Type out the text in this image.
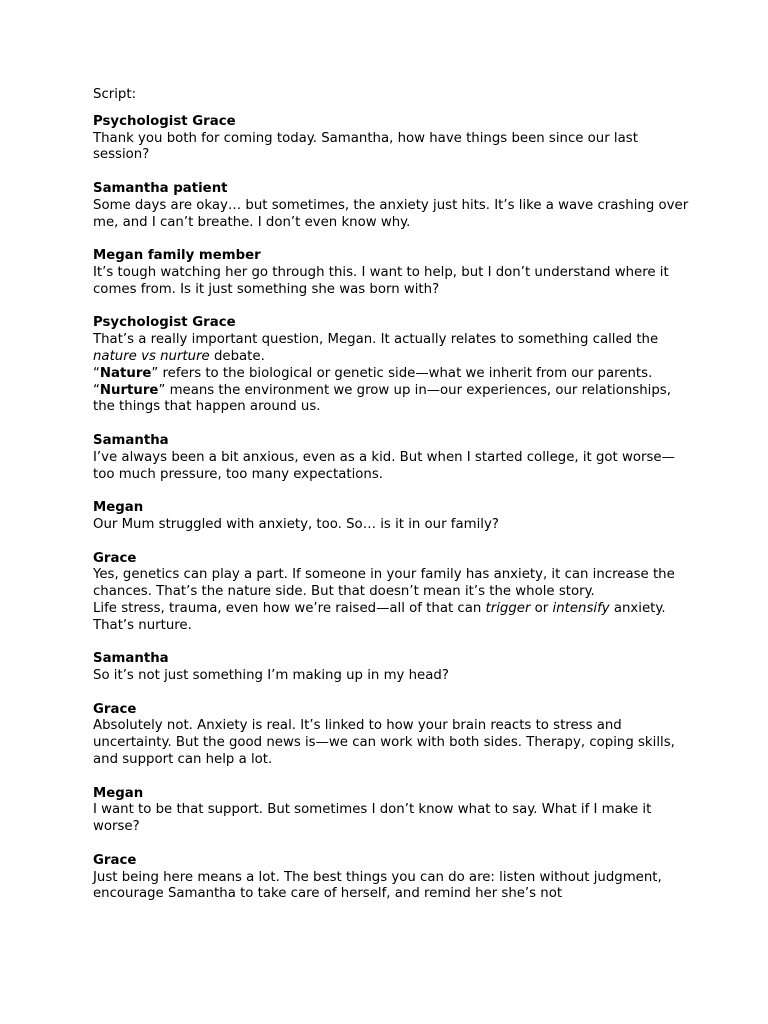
Script:

Psychologist Grace

Thank you both for coming today. Samantha, how have things been since our last session?

Samantha patient

Some days are okay… but sometimes, the anxiety just hits. It’s like a wave crashing over me, and I can’t breathe. I don’t even know why.

Megan family member

It’s tough watching her go through this. I want to help, but I don’t understand where it comes from. Is it just something she was born with?

Psychologist Grace

That’s a really important question, Megan. It actually relates to something called the nature vs nurture debate.

“Nature” refers to the biological or genetic side—what we inherit from our parents.

“Nurture” means the environment we grow up in—our experiences, our relationships, the things that happen around us.

Samantha

I’ve always been a bit anxious, even as a kid. But when I started college, it got worse—too much pressure, too many expectations.

Megan

Our Mum struggled with anxiety, too. So… is it in our family?

Grace

Yes, genetics can play a part. If someone in your family has anxiety, it can increase the chances. That’s the nature side. But that doesn’t mean it’s the whole story.

Life stress, trauma, even how we’re raised—all of that can trigger or intensify anxiety. That’s nurture.

Samantha

So it’s not just something I’m making up in my head?

Grace

Absolutely not. Anxiety is real. It’s linked to how your brain reacts to stress and uncertainty. But the good news is—we can work with both sides. Therapy, coping skills, and support can help a lot.

Megan

I want to be that support. But sometimes I don’t know what to say. What if I make it worse?

Grace

Just being here means a lot. The best things you can do are: listen without judgment, encourage Samantha to take care of herself, and remind her she’s not
